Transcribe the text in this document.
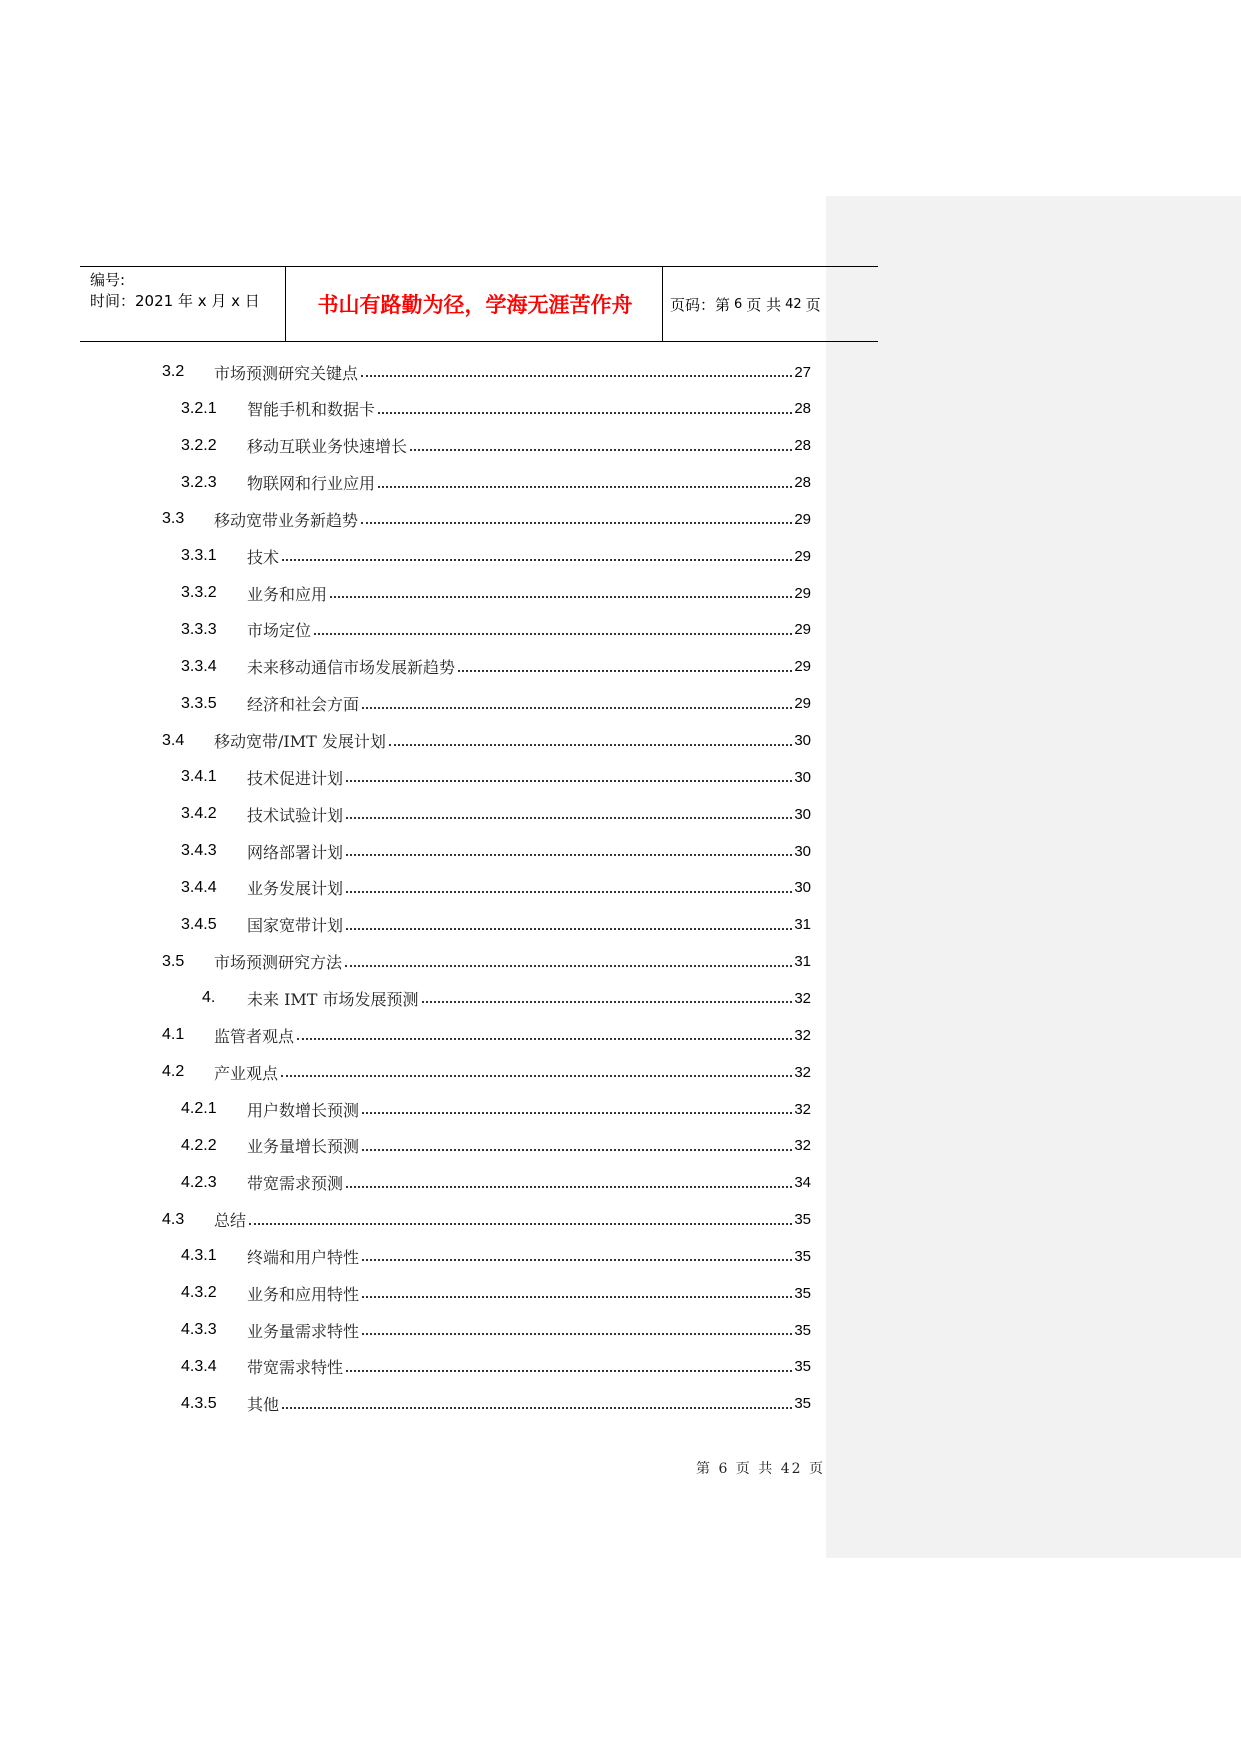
编号:
时间：2021 年 x 月 x 日	书山有路勤为径，学海无涯苦作舟	页码：第 6 页 共 42 页
3.2	市场预测研究关键点	27
3.2.1	智能手机和数据卡	28
3.2.2	移动互联业务快速增长	28
3.2.3	物联网和行业应用	28
3.3	移动宽带业务新趋势	29
3.3.1	技术	29
3.3.2	业务和应用	29
3.3.3	市场定位	29
3.3.4	未来移动通信市场发展新趋势	29
3.3.5	经济和社会方面	29
3.4	移动宽带/IMT 发展计划	30
3.4.1	技术促进计划	30
3.4.2	技术试验计划	30
3.4.3	网络部署计划	30
3.4.4	业务发展计划	30
3.4.5	国家宽带计划	31
3.5	市场预测研究方法	31
4.	未来 IMT 市场发展预测	32
4.1	监管者观点	32
4.2	产业观点	32
4.2.1	用户数增长预测	32
4.2.2	业务量增长预测	32
4.2.3	带宽需求预测	34
4.3	总结	35
4.3.1	终端和用户特性	35
4.3.2	业务和应用特性	35
4.3.3	业务量需求特性	35
4.3.4	带宽需求特性	35
4.3.5	其他	35
第 6 页 共 42 页
